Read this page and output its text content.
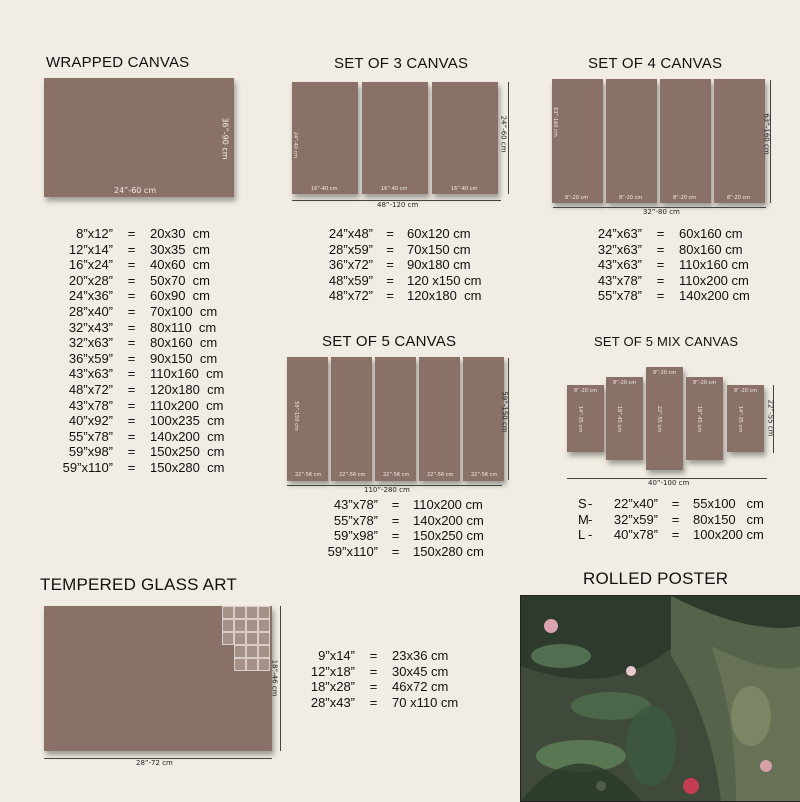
WRAPPED CANVAS
24”-60 cm
36”-90 cm
8”x12”	=	20x30  cm
12”x14”	=	30x35  cm
16”x24”	=	40x60  cm
20”x28”	=	50x70  cm
24”x36”	=	60x90  cm
28”x40”	=	70x100  cm
32”x43”	=	80x110  cm
32”x63”	=	80x160  cm
36”x59”	=	90x150  cm
43”x63”	=	110x160  cm
48”x72”	=	120x180  cm
43”x78”	=	110x200  cm
40”x92”	=	100x235  cm
55”x78”	=	140x200  cm
59”x98”	=	150x250  cm
59”x110”	=	150x280  cm
SET OF 3 CANVAS
16”-40 cm
24”-40 cm
16”-40 cm	16”-40 cm
48”-120 cm
24”-60 cm
24”x48”	=	60x120 cm
28”x59”	=	70x150 cm
36”x72”	=	90x180 cm
48”x59”	=	120 x150 cm
48”x72”	=	120x180  cm
SET OF 4 CANVAS
8”-20 cm
63”-160 cm
8”-20 cm	8”-20 cm	8”-20 cm
32”-80 cm
63”-160 cm
24”x63”	=	60x160 cm
32”x63”	=	80x160 cm
43”x63”	=	110x160 cm
43”x78”	=	110x200 cm
55”x78”	=	140x200 cm
SET OF 5 CANVAS
22”-56 cm
59”-150 cm
22”-56 cm	22”-56 cm	22”-56 cm	22”-56 cm
110”-280 cm
59”-150 cm
43”x78”	=	110x200 cm
55”x78”	=	140x200 cm
59”x98”	=	150x250 cm
59”x110”	=	150x280 cm
SET OF 5 MIX CANVAS
8”-20 cm
14”-35 cm
8”-20 cm
18”-45 cm
8”-20 cm
22”-55 cm
8”-20 cm
18”-45 cm
8”-20 cm
14”-35 cm
40”-100 cm
22”-55 cm
S -	22”x40”	=	55x100   cm
M -	32”x59”	=	80x150   cm
L -	40”x78”	=	100x200 cm
TEMPERED GLASS ART
28”-72 cm
18”-46 cm
9”x14”	=	23x36 cm
12”x18”	=	30x45 cm
18”x28”	=	46x72 cm
28”x43”	=	70 x110 cm
ROLLED POSTER
